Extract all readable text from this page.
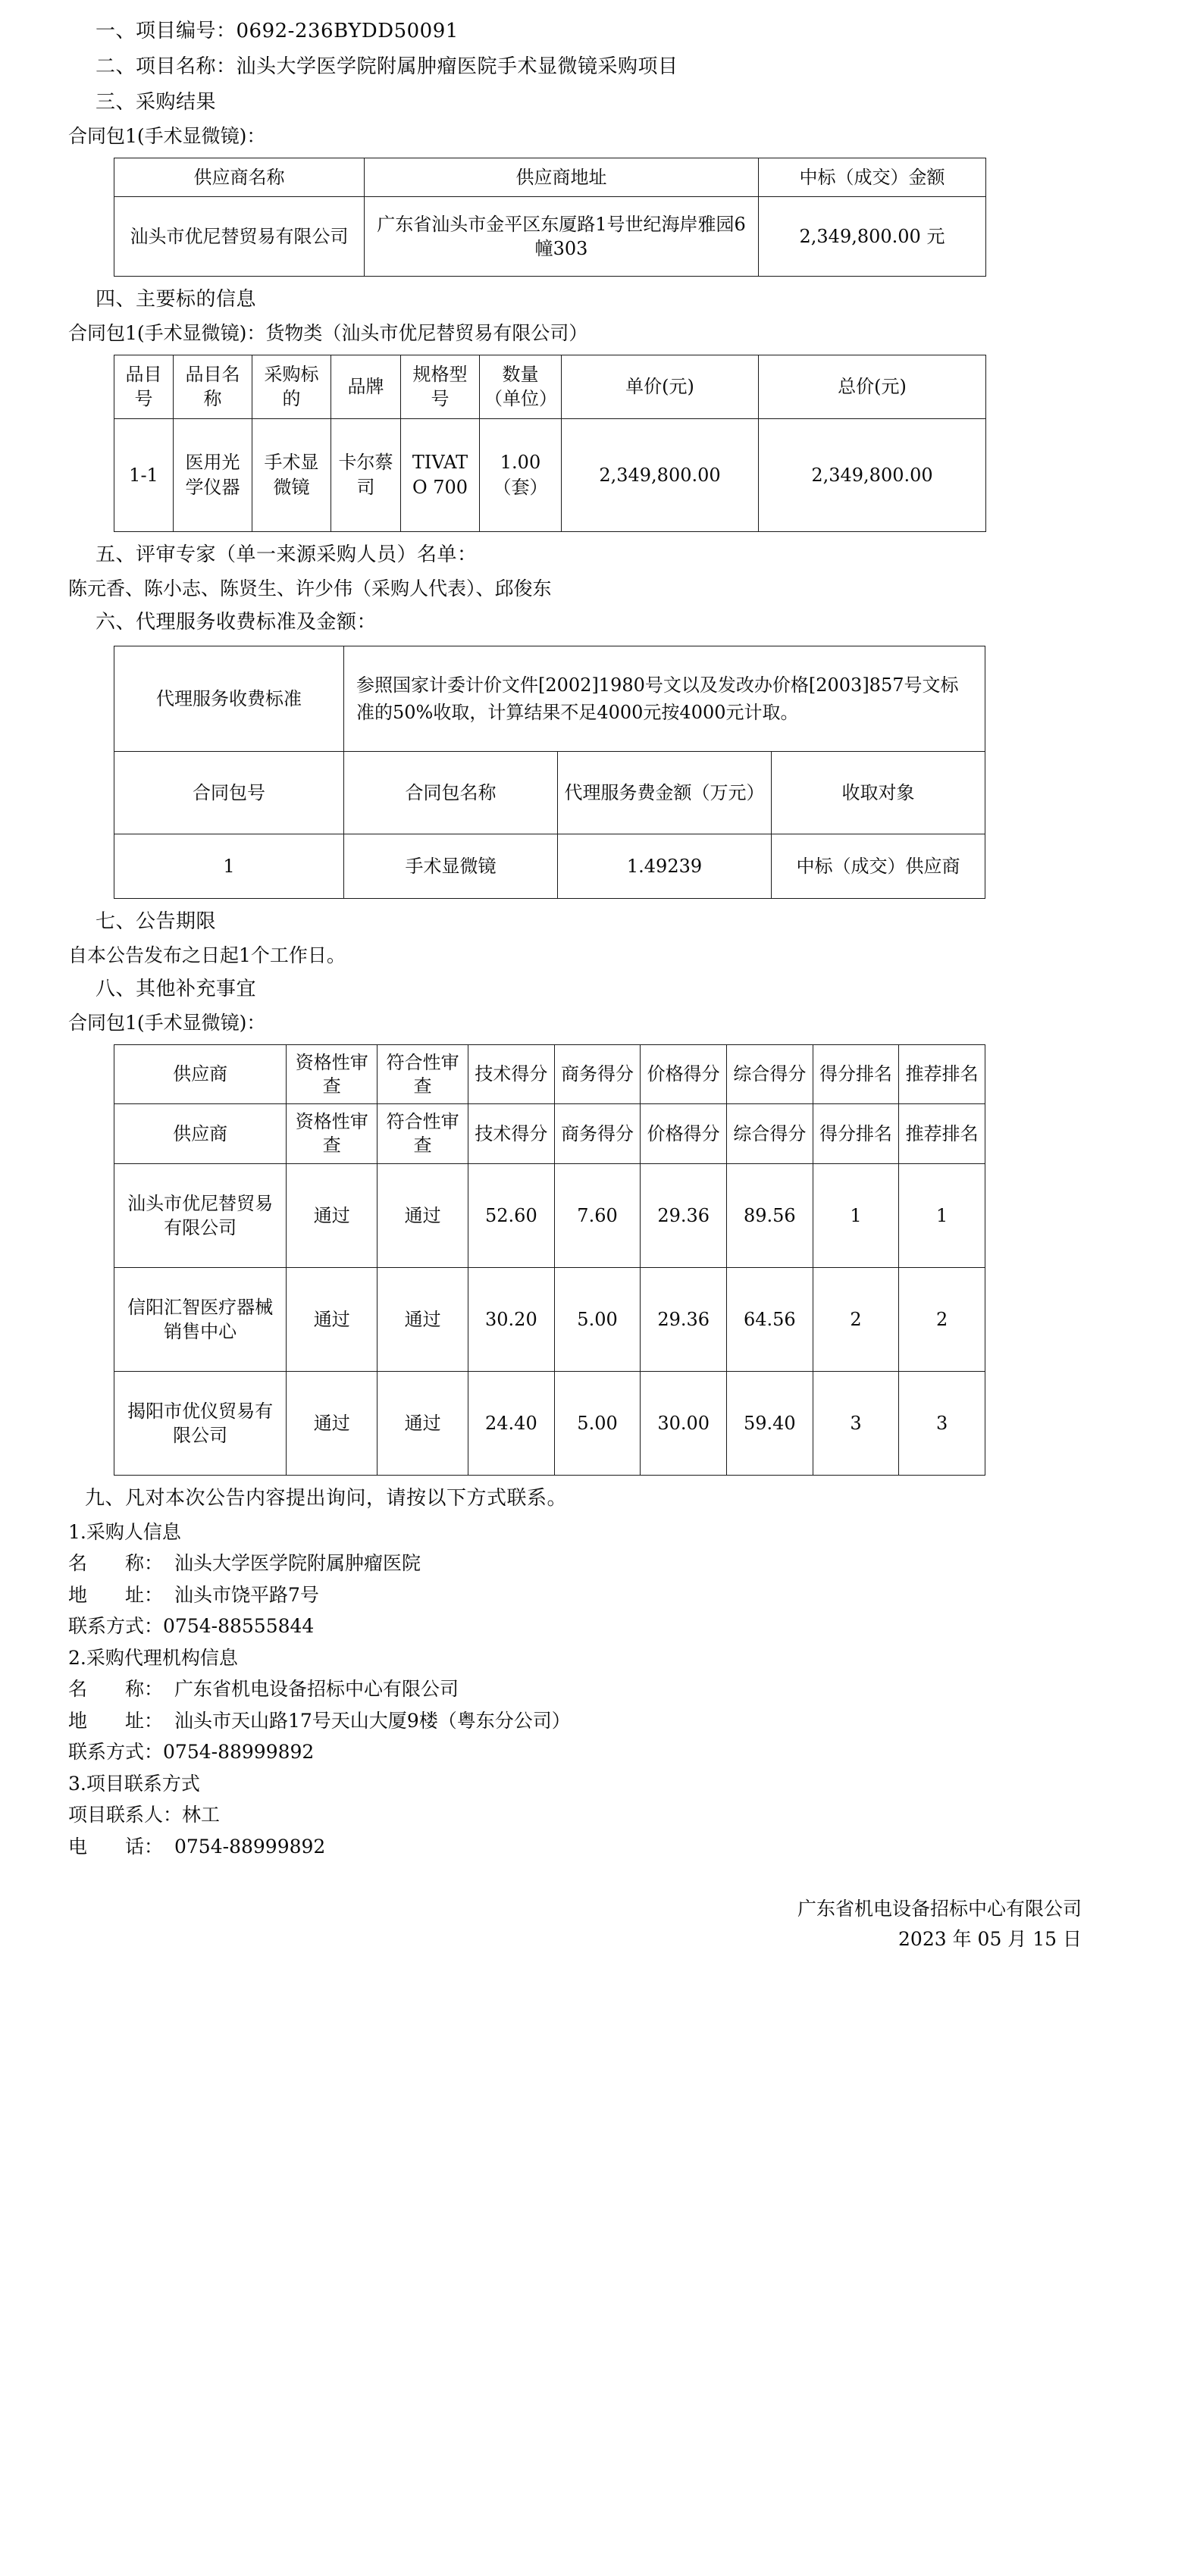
一、项目编号：0692-236BYDD50091
二、项目名称：汕头大学医学院附属肿瘤医院手术显微镜采购项目
三、采购结果
合同包1(手术显微镜)：
供应商名称	供应商地址	中标（成交）金额
汕头市优尼替贸易有限公司	广东省汕头市金平区东厦路1号世纪海岸雅园6幢303	2,349,800.00 元
四、主要标的信息
合同包1(手术显微镜)：货物类（汕头市优尼替贸易有限公司）
品目号	品目名称	采购标的	品牌	规格型号	数量（单位）	单价(元)	总价(元)
1-1	医用光学仪器	手术显微镜	卡尔蔡司	TIVATO 700	1.00（套）	2,349,800.00	2,349,800.00
五、评审专家（单一来源采购人员）名单：
陈元香、陈小志、陈贤生、许少伟（采购人代表）、邱俊东
六、代理服务收费标准及金额：
代理服务收费标准	参照国家计委计价文件[2002]1980号文以及发改办价格[2003]857号文标准的50%收取，计算结果不足4000元按4000元计取。		
合同包号	合同包名称	代理服务费金额（万元）	收取对象
1	手术显微镜	1.49239	中标（成交）供应商
七、公告期限
自本公告发布之日起1个工作日。
八、其他补充事宜
合同包1(手术显微镜)：
供应商	资格性审查	符合性审查	技术得分	商务得分	价格得分	综合得分	得分排名	推荐排名
供应商	资格性审查	符合性审查	技术得分	商务得分	价格得分	综合得分	得分排名	推荐排名
汕头市优尼替贸易有限公司	通过	通过	52.60	7.60	29.36	89.56	1	1
信阳汇智医疗器械销售中心	通过	通过	30.20	5.00	29.36	64.56	2	2
揭阳市优仪贸易有限公司	通过	通过	24.40	5.00	30.00	59.40	3	3
九、凡对本次公告内容提出询问，请按以下方式联系。
1.采购人信息
名　　称： 汕头大学医学院附属肿瘤医院
地　　址： 汕头市饶平路7号
联系方式：0754-88555844
2.采购代理机构信息
名　　称： 广东省机电设备招标中心有限公司
地　　址： 汕头市天山路17号天山大厦9楼（粤东分公司）
联系方式：0754-88999892
3.项目联系方式
项目联系人：林工
电　　话： 0754-88999892
广东省机电设备招标中心有限公司
2023 年 05 月 15 日
